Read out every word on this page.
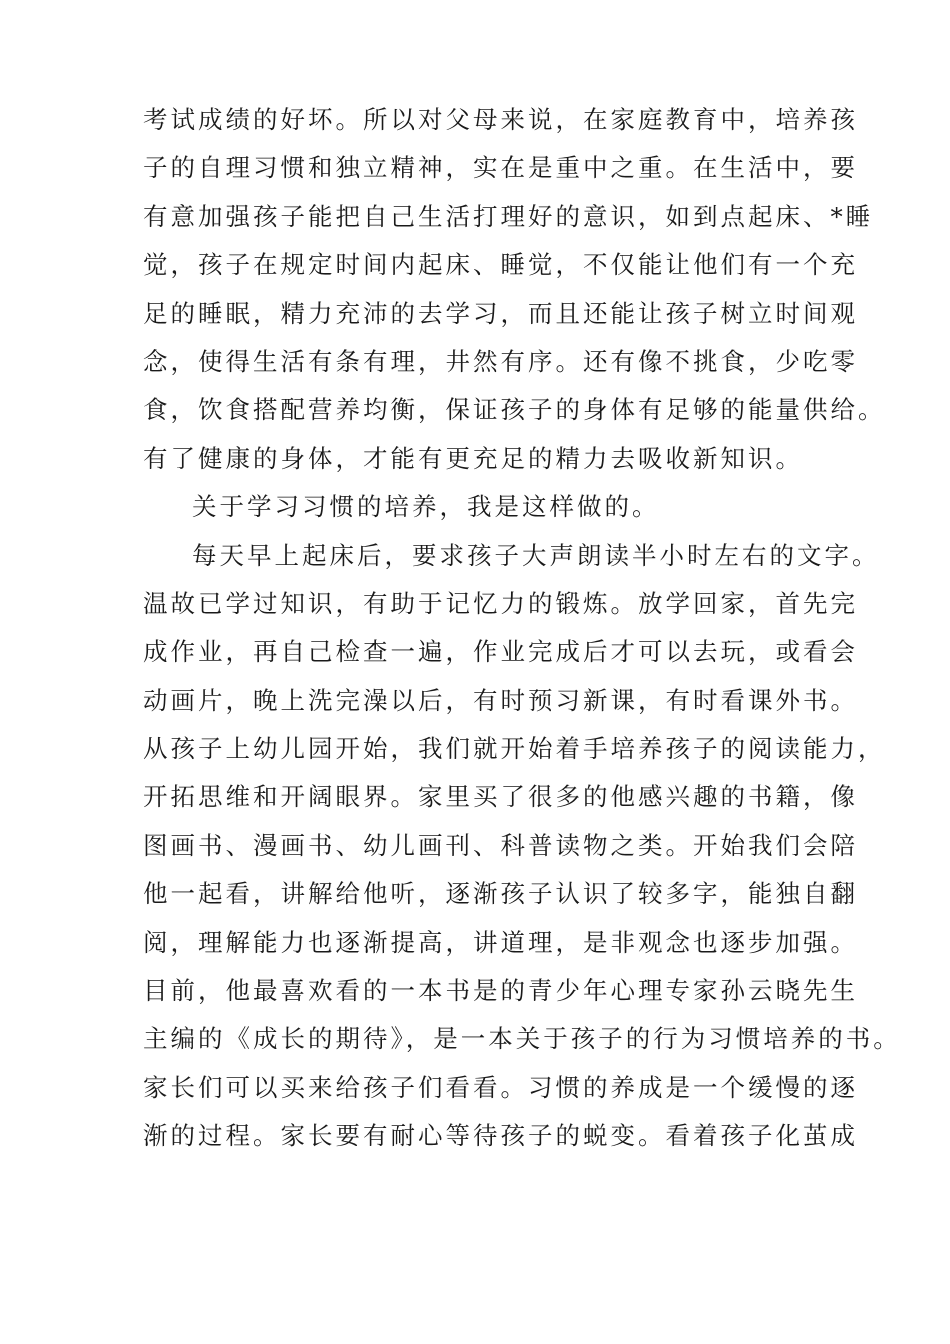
考试成绩的好坏。所以对父母来说，在家庭教育中，培养孩
子的自理习惯和独立精神，实在是重中之重。在生活中，要
有意加强孩子能把自己生活打理好的意识，如到点起床、*睡
觉，孩子在规定时间内起床、睡觉，不仅能让他们有一个充
足的睡眠，精力充沛的去学习，而且还能让孩子树立时间观
念，使得生活有条有理，井然有序。还有像不挑食，少吃零
食，饮食搭配营养均衡，保证孩子的身体有足够的能量供给。
有了健康的身体，才能有更充足的精力去吸收新知识。
关于学习习惯的培养，我是这样做的。
每天早上起床后，要求孩子大声朗读半小时左右的文字。
温故已学过知识，有助于记忆力的锻炼。放学回家，首先完
成作业，再自己检查一遍，作业完成后才可以去玩，或看会
动画片，晚上洗完澡以后，有时预习新课，有时看课外书。
从孩子上幼儿园开始，我们就开始着手培养孩子的阅读能力，
开拓思维和开阔眼界。家里买了很多的他感兴趣的书籍，像
图画书、漫画书、幼儿画刊、科普读物之类。开始我们会陪
他一起看，讲解给他听，逐渐孩子认识了较多字，能独自翻
阅，理解能力也逐渐提高，讲道理，是非观念也逐步加强。
目前，他最喜欢看的一本书是的青少年心理专家孙云晓先生
主编的《成长的期待》，是一本关于孩子的行为习惯培养的书。
家长们可以买来给孩子们看看。习惯的养成是一个缓慢的逐
渐的过程。家长要有耐心等待孩子的蜕变。看着孩子化茧成
